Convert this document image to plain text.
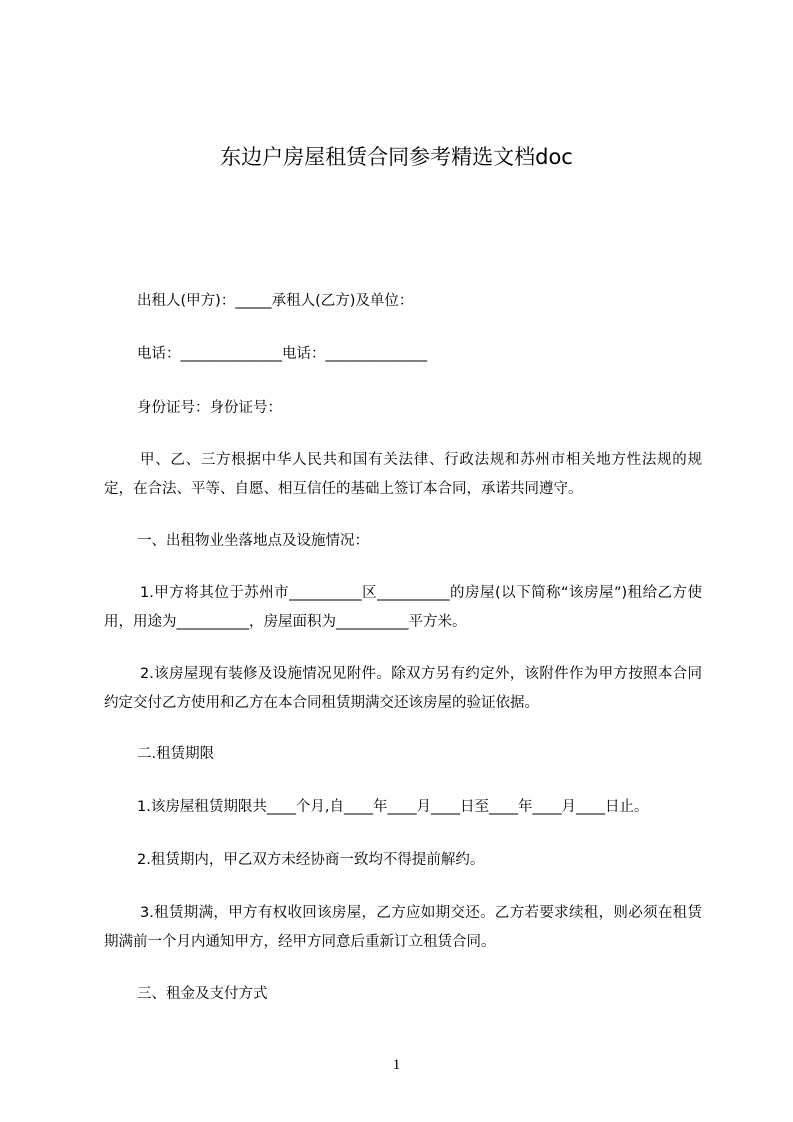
东边户房屋租赁合同参考精选文档doc

出租人(甲方)：_____承租人(乙方)及单位：

电话：______________电话：______________

身份证号：身份证号：

甲、乙、三方根据中华人民共和国有关法律、行政法规和苏州市相关地方性法规的规定，在合法、平等、自愿、相互信任的基础上签订本合同，承诺共同遵守。

一、出租物业坐落地点及设施情况：

1.甲方将其位于苏州市__________区__________的房屋(以下简称“该房屋”)租给乙方使用，用途为__________，房屋面积为__________平方米。

2.该房屋现有装修及设施情况见附件。除双方另有约定外，该附件作为甲方按照本合同约定交付乙方使用和乙方在本合同租赁期满交还该房屋的验证依据。

二.租赁期限

1.该房屋租赁期限共____个月,自____年____月____日至____年____月____日止。

2.租赁期内，甲乙双方未经协商一致均不得提前解约。

3.租赁期满，甲方有权收回该房屋，乙方应如期交还。乙方若要求续租，则必须在租赁期满前一个月内通知甲方，经甲方同意后重新订立租赁合同。

三、租金及支付方式

1
